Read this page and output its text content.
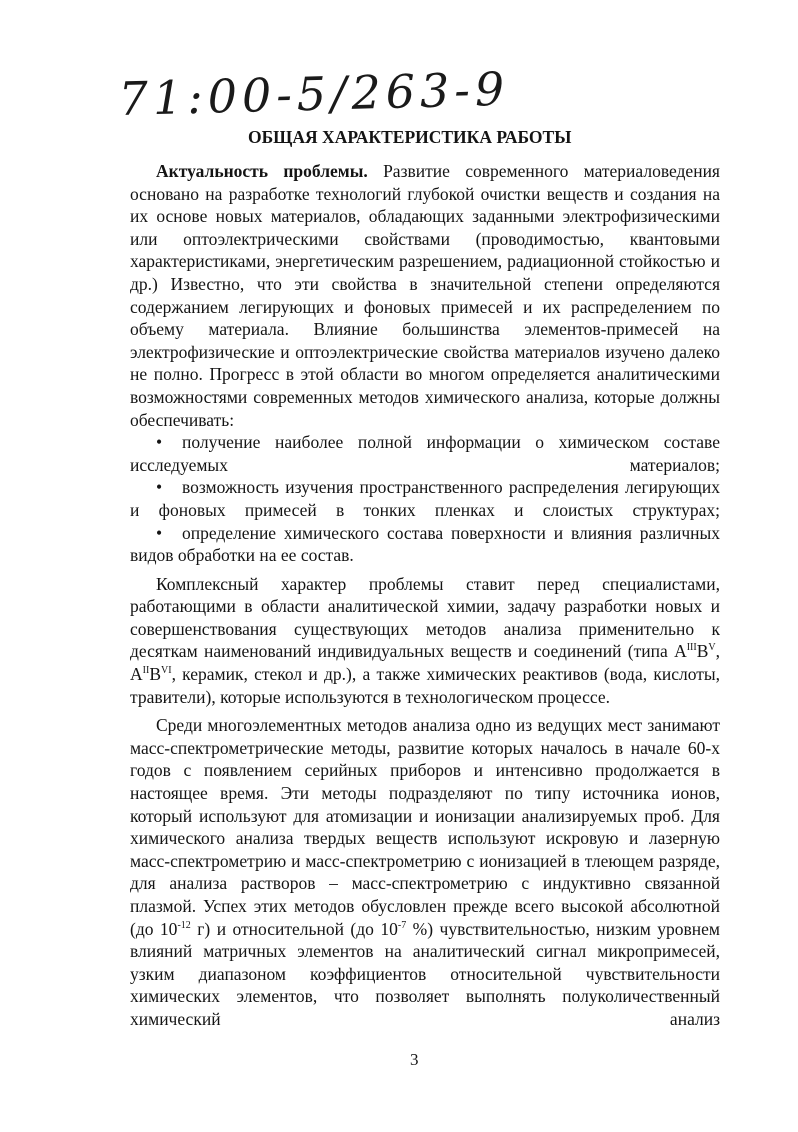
71:00-5/263-9
ОБЩАЯ ХАРАКТЕРИСТИКА РАБОТЫ

Актуальность проблемы. Развитие современного материаловедения основано на разработке технологий глубокой очистки веществ и создания на их основе новых материалов, обладающих заданными электрофизическими или оптоэлектрическими свойствами (проводимостью, квантовыми характеристиками, энергетическим разрешением, радиационной стойкостью и др.) Известно, что эти свойства в значительной степени определяются содержанием легирующих и фоновых примесей и их распределением по объему материала. Влияние большинства элементов-примесей на электрофизические и оптоэлектрические свойства материалов изучено далеко не полно. Прогресс в этой области во многом определяется аналитическими возможностями современных методов химического анализа, которые должны обеспечивать:

• получение наиболее полной информации о химическом составе исследуемых материалов;

• возможность изучения пространственного распределения легирующих и фоновых примесей в тонких пленках и слоистых структурах;

• определение химического состава поверхности и влияния различных видов обработки на ее состав.

Комплексный характер проблемы ставит перед специалистами, работающими в области аналитической химии, задачу разработки новых и совершенствования существующих методов анализа применительно к десяткам наименований индивидуальных веществ и соединений (типа $A^{III}B^V$, $A^{II}B^{VI}$, керамик, стекол и др.), а также химических реактивов (вода, кислоты, травители), которые используются в технологическом процессе.

Среди многоэлементных методов анализа одно из ведущих мест занимают масс-спектрометрические методы, развитие которых началось в начале 60-х годов с появлением серийных приборов и интенсивно продолжается в настоящее время. Эти методы подразделяют по типу источника ионов, который используют для атомизации и ионизации анализируемых проб. Для химического анализа твердых веществ используют искровую и лазерную масс-спектрометрию и масс-спектрометрию с ионизацией в тлеющем разряде, для анализа растворов – масс-спектрометрию с индуктивно связанной плазмой. Успех этих методов обусловлен прежде всего высокой абсолютной (до $10^{-12}$ г) и относительной (до $10^{-7}$ %) чувствительностью, низким уровнем влияний матричных элементов на аналитический сигнал микропримесей, узким диапазоном коэффициентов относительной чувствительности химических элементов, что позволяет выполнять полуколичественный химический анализ

3
